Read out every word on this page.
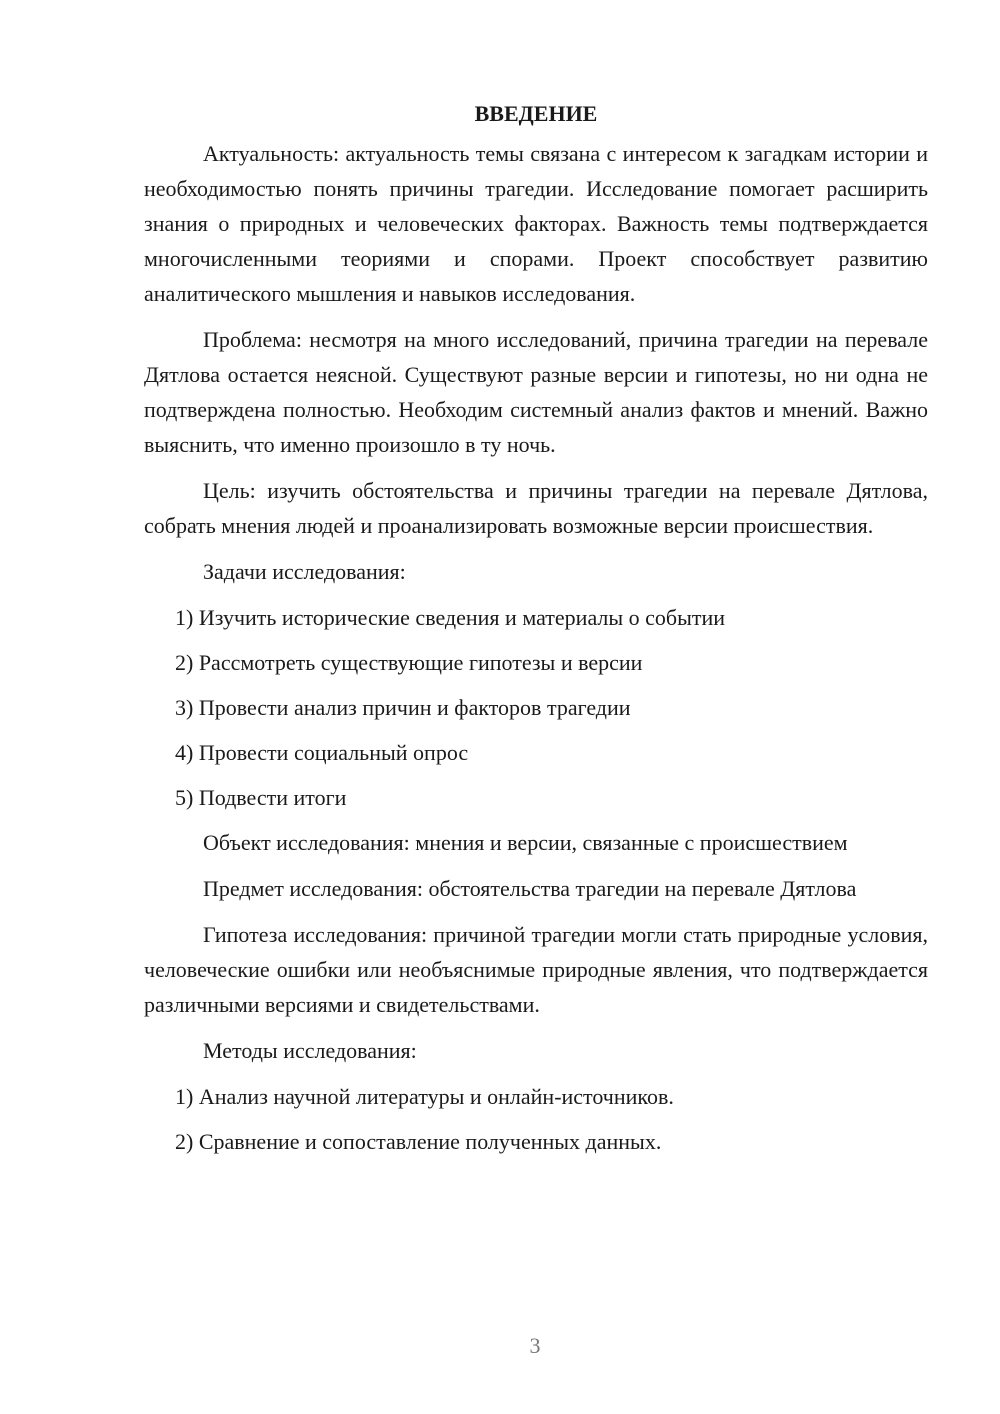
ВВЕДЕНИЕ

Актуальность: актуальность темы связана с интересом к загадкам истории и необходимостью понять причины трагедии. Исследование помогает расширить знания о природных и человеческих факторах. Важность темы подтверждается многочисленными теориями и спорами. Проект способствует развитию аналитического мышления и навыков исследования.

Проблема: несмотря на много исследований, причина трагедии на перевале Дятлова остается неясной. Существуют разные версии и гипотезы, но ни одна не подтверждена полностью. Необходим системный анализ фактов и мнений. Важно выяснить, что именно произошло в ту ночь.

Цель: изучить обстоятельства и причины трагедии на перевале Дятлова, собрать мнения людей и проанализировать возможные версии происшествия.

Задачи исследования:

1) Изучить исторические сведения и материалы о событии
2) Рассмотреть существующие гипотезы и версии
3) Провести анализ причин и факторов трагедии
4) Провести социальный опрос
5) Подвести итоги

Объект исследования: мнения и версии, связанные с происшествием

Предмет исследования: обстоятельства трагедии на перевале Дятлова

Гипотеза исследования: причиной трагедии могли стать природные условия, человеческие ошибки или необъяснимые природные явления, что подтверждается различными версиями и свидетельствами.

Методы исследования:

1) Анализ научной литературы и онлайн-источников.
2) Сравнение и сопоставление полученных данных.
3
